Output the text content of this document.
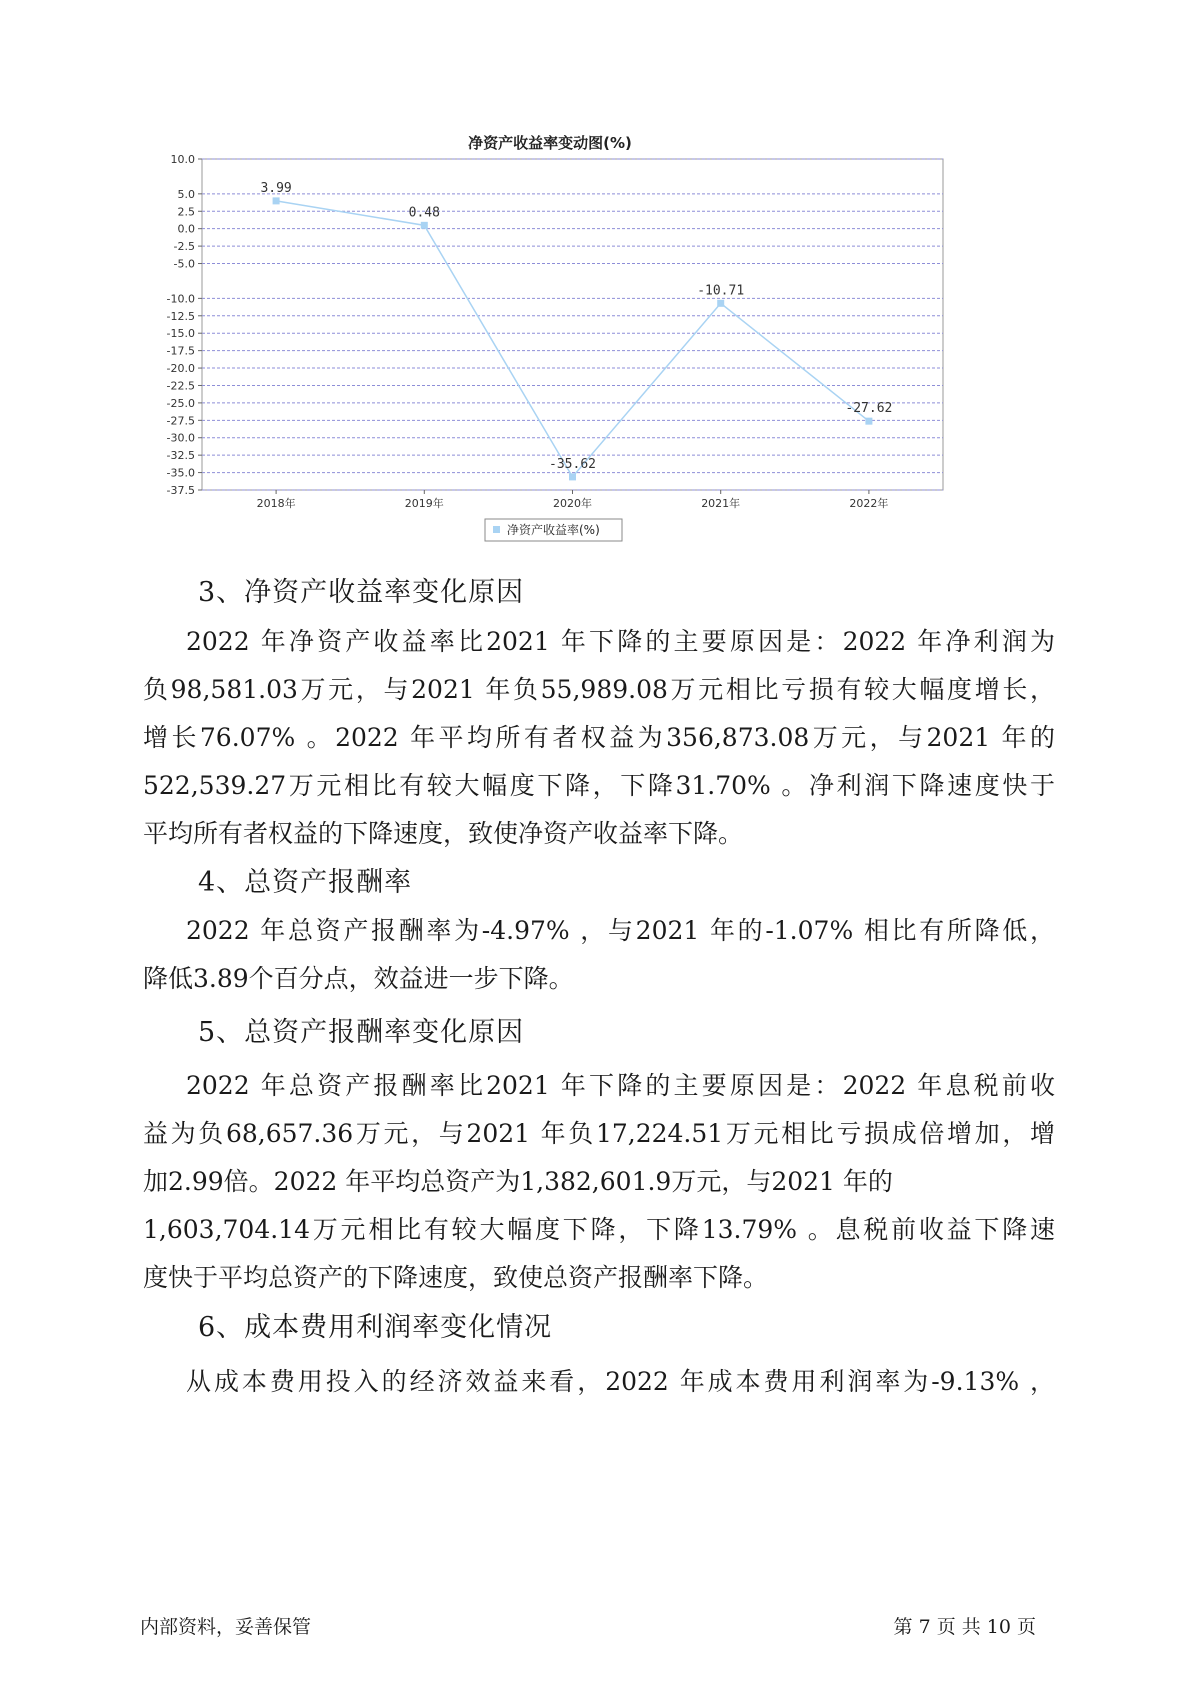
净资产收益率变动图(%)
10.0
5.0
2.5
0.0
-2.5
-5.0
-10.0
-12.5
-15.0
-17.5
-20.0
-22.5
-25.0
-27.5
-30.0
-32.5
-35.0
-37.5
2018年	2019年	2020年	2021年	2022年
3.99
0.48
-35.62
-10.71
-27.62
净资产收益率(%)
3、净资产收益率变化原因
2022 年净资产收益率比2021 年下降的主要原因是：2022 年净利润为
负98,581.03万元，与2021 年负55,989.08万元相比亏损有较大幅度增长，
增长76.07% 。2022 年平均所有者权益为356,873.08万元，与2021 年的
522,539.27万元相比有较大幅度下降，下降31.70% 。净利润下降速度快于
平均所有者权益的下降速度，致使净资产收益率下降。
4、总资产报酬率
2022 年总资产报酬率为-4.97% ，与2021 年的-1.07% 相比有所降低，
降低3.89个百分点，效益进一步下降。
5、总资产报酬率变化原因
2022 年总资产报酬率比2021 年下降的主要原因是：2022 年息税前收
益为负68,657.36万元，与2021 年负17,224.51万元相比亏损成倍增加，增
加2.99倍。2022 年平均总资产为1,382,601.9万元，与2021 年的
1,603,704.14万元相比有较大幅度下降，下降13.79% 。息税前收益下降速
度快于平均总资产的下降速度，致使总资产报酬率下降。
6、成本费用利润率变化情况
从成本费用投入的经济效益来看，2022 年成本费用利润率为-9.13% ，
内部资料，妥善保管	第 7 页 共 10 页
